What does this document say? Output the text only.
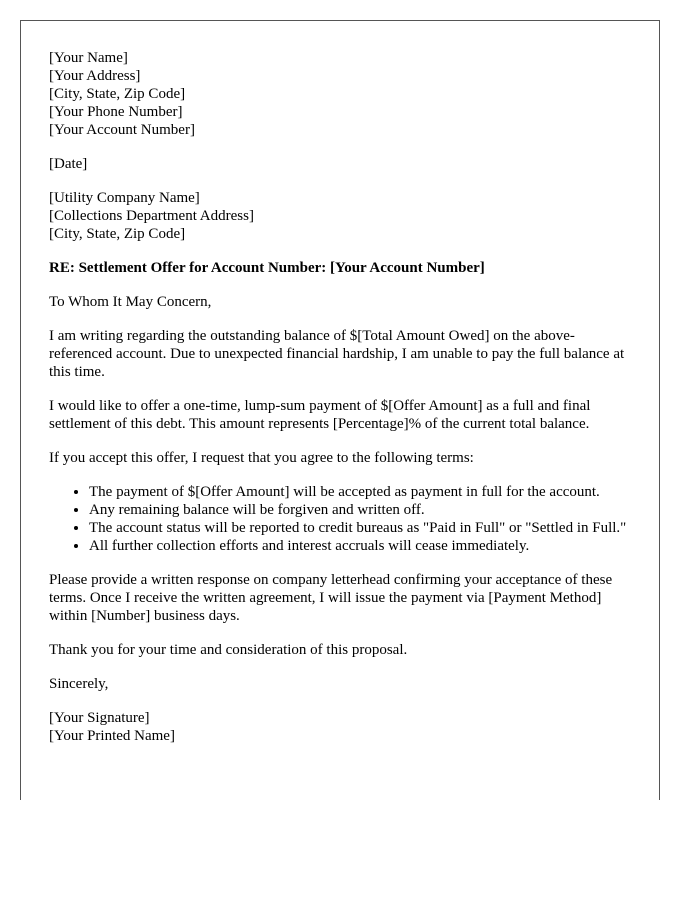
[Your Name]
[Your Address]
[City, State, Zip Code]
[Your Phone Number]
[Your Account Number]
[Date]
[Utility Company Name]
[Collections Department Address]
[City, State, Zip Code]

RE: Settlement Offer for Account Number: [Your Account Number]

To Whom It May Concern,

I am writing regarding the outstanding balance of $[Total Amount Owed] on the above-referenced account. Due to unexpected financial hardship, I am unable to pay the full balance at this time.

I would like to offer a one-time, lump-sum payment of $[Offer Amount] as a full and final settlement of this debt. This amount represents [Percentage]% of the current total balance.

If you accept this offer, I request that you agree to the following terms:

• The payment of $[Offer Amount] will be accepted as payment in full for the account.
• Any remaining balance will be forgiven and written off.
• The account status will be reported to credit bureaus as "Paid in Full" or "Settled in Full."
• All further collection efforts and interest accruals will cease immediately.

Please provide a written response on company letterhead confirming your acceptance of these terms. Once I receive the written agreement, I will issue the payment via [Payment Method] within [Number] business days.

Thank you for your time and consideration of this proposal.

Sincerely,

[Your Signature]
[Your Printed Name]
